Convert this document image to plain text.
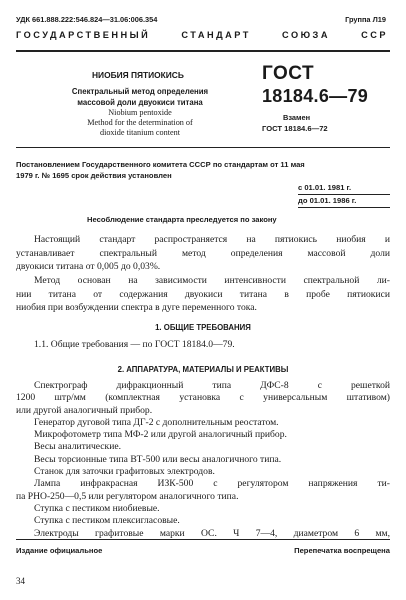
УДК 661.888.222:546.824—31.06:006.354	Группа Л19
ГОСУДАРСТВЕННЫЙ СТАНДАРТ СОЮЗА ССР
НИОБИЯ ПЯТИОКИСЬ
Спектральный метод определения
массовой доли двуокиси титана
Niobium pentoxide
Method for the determination of
dioxide titanium content
ГОСТ
18184.6—79
Взамен
ГОСТ 18184.6—72
Постановлением Государственного комитета СССР по стандартам от 11 мая
1979 г. № 1695 срок действия установлен
с 01.01. 1981 г.
до 01.01. 1986 г.
Несоблюдение стандарта преследуется по закону
Настоящий стандарт распространяется на пятиокись ниобия и
устанавливает спектральный метод определения массовой доли
двуокиси титана от 0,005 до 0,03%.
Метод основан на зависимости интенсивности спектральной ли-
нии титана от содержания двуокиси титана в пробе пятиокиси
ниобия при возбуждении спектра в дуге переменного тока.
1. ОБЩИЕ ТРЕБОВАНИЯ
1.1. Общие требования — по ГОСТ 18184.0—79.
2. АППАРАТУРА, МАТЕРИАЛЫ И РЕАКТИВЫ
Спектрограф дифракционный типа ДФС-8 с решеткой
1200 штр/мм (комплектная установка с универсальным штативом)
или другой аналогичный прибор.
Генератор дуговой типа ДГ-2 с дополнительным реостатом.
Микрофотометр типа МФ-2 или другой аналогичный прибор.
Весы аналитические.
Весы торсионные типа ВТ-500 или весы аналогичного типа.
Станок для заточки графитовых электродов.
Лампа инфракрасная ИЗК-500 с регулятором напряжения ти-
па РНО-250—0,5 или регулятором аналогичного типа.
Ступка с пестиком ниобиевые.
Ступка с пестиком плексигласовые.
Электроды графитовые марки ОС. Ч 7—4, диаметром 6 мм,
Издание официальное	Перепечатка воспрещена
34
